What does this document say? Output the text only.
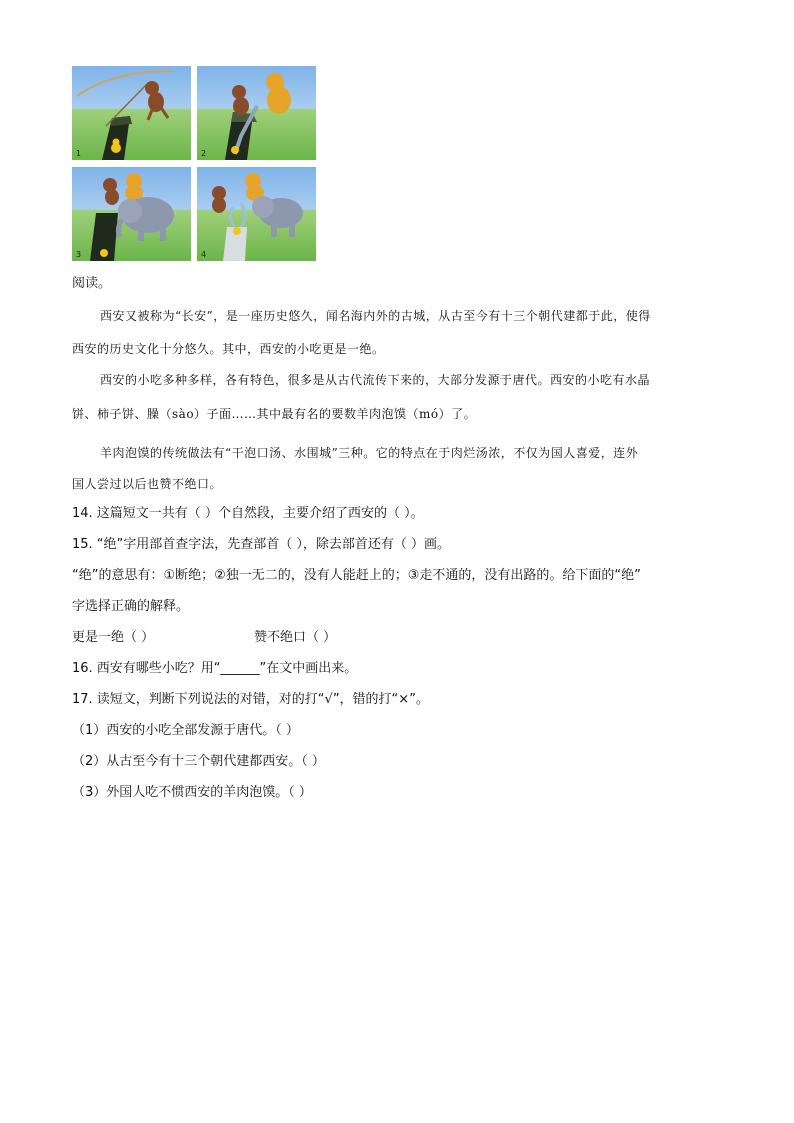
1	2
3	4
阅读。
西安又被称为“长安”，是一座历史悠久，闻名海内外的古城，从古至今有十三个朝代建都于此，使得
西安的历史文化十分悠久。其中，西安的小吃更是一绝。
西安的小吃多种多样，各有特色，很多是从古代流传下来的，大部分发源于唐代。西安的小吃有水晶
饼、柿子饼、臊（sào）子面……其中最有名的要数羊肉泡馍（mó）了。
羊肉泡馍的传统做法有“干泡口汤、水围城”三种。它的特点在于肉烂汤浓，不仅为国人喜爱，连外
国人尝过以后也赞不绝口。
14. 这篇短文一共有（ ）个自然段，主要介绍了西安的（ ）。
15. “绝”字用部首查字法，先查部首（ ），除去部首还有（ ）画。
“绝”的意思有：①断绝；②独一无二的，没有人能赶上的；③走不通的，没有出路的。给下面的“绝”
字选择正确的解释。
更是一绝（ ）	赞不绝口（ ）
16. 西安有哪些小吃？用“______”在文中画出来。
17. 读短文，判断下列说法的对错，对的打“√”，错的打“×”。
（1）西安的小吃全部发源于唐代。（ ）
（2）从古至今有十三个朝代建都西安。（ ）
（3）外国人吃不惯西安的羊肉泡馍。（ ）
